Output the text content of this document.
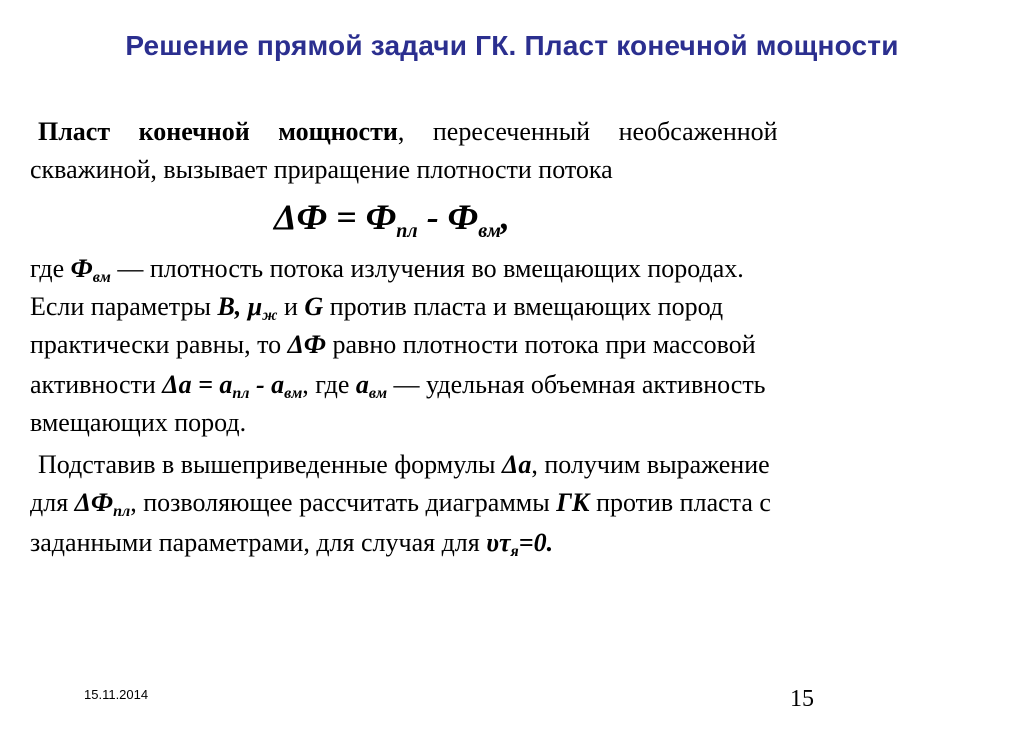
Решение прямой задачи ГК. Пласт конечной мощности
Пласт конечной мощности, пересеченный необсаженной
скважиной, вызывает приращение плотности потока
$\Delta Ф = Ф_{пл} - Ф_{вм}$,
где $Ф_{вм}$ — плотность потока излучения во вмещающих породах.
Если параметры B, $\mu_ж$ и G против пласта и вмещающих пород
практически равны, то ΔФ равно плотности потока при массовой
активности $\Delta a = a_{пл} - a_{вм}$, где $a_{вм}$ — удельная объемная активность
вмещающих пород.
Подставив в вышеприведенные формулы Δa, получим выражение
для $\Delta Ф_{пл}$, позволяющее рассчитать диаграммы ГК против пласта с
заданными параметрами, для случая для $\upsilon\tau_я=0$.
15.11.2014	15
